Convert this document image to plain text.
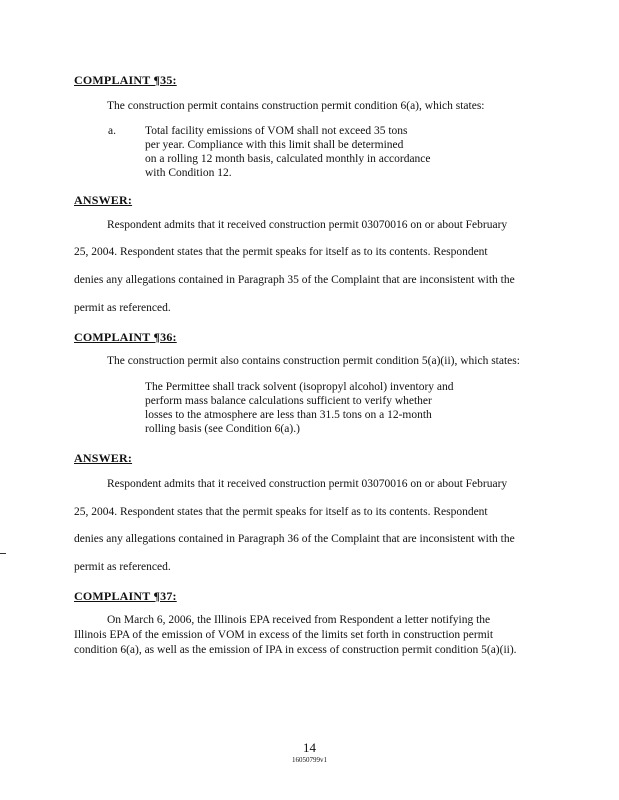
COMPLAINT ¶35:
The construction permit contains construction permit condition 6(a), which states:
a.	Total facility emissions of VOM shall not exceed 35 tons
per year. Compliance with this limit shall be determined
on a rolling 12 month basis, calculated monthly in accordance
with Condition 12.
ANSWER:
Respondent admits that it received construction permit 03070016 on or about February
25, 2004. Respondent states that the permit speaks for itself as to its contents. Respondent
denies any allegations contained in Paragraph 35 of the Complaint that are inconsistent with the
permit as referenced.
COMPLAINT ¶36:
The construction permit also contains construction permit condition 5(a)(ii), which states:
The Permittee shall track solvent (isopropyl alcohol) inventory and
perform mass balance calculations sufficient to verify whether
losses to the atmosphere are less than 31.5 tons on a 12-month
rolling basis (see Condition 6(a).)
ANSWER:
Respondent admits that it received construction permit 03070016 on or about February
25, 2004. Respondent states that the permit speaks for itself as to its contents. Respondent
denies any allegations contained in Paragraph 36 of the Complaint that are inconsistent with the
permit as referenced.
COMPLAINT ¶37:
On March 6, 2006, the Illinois EPA received from Respondent a letter notifying the
Illinois EPA of the emission of VOM in excess of the limits set forth in construction permit
condition 6(a), as well as the emission of IPA in excess of construction permit condition 5(a)(ii).
14
16050799v1
